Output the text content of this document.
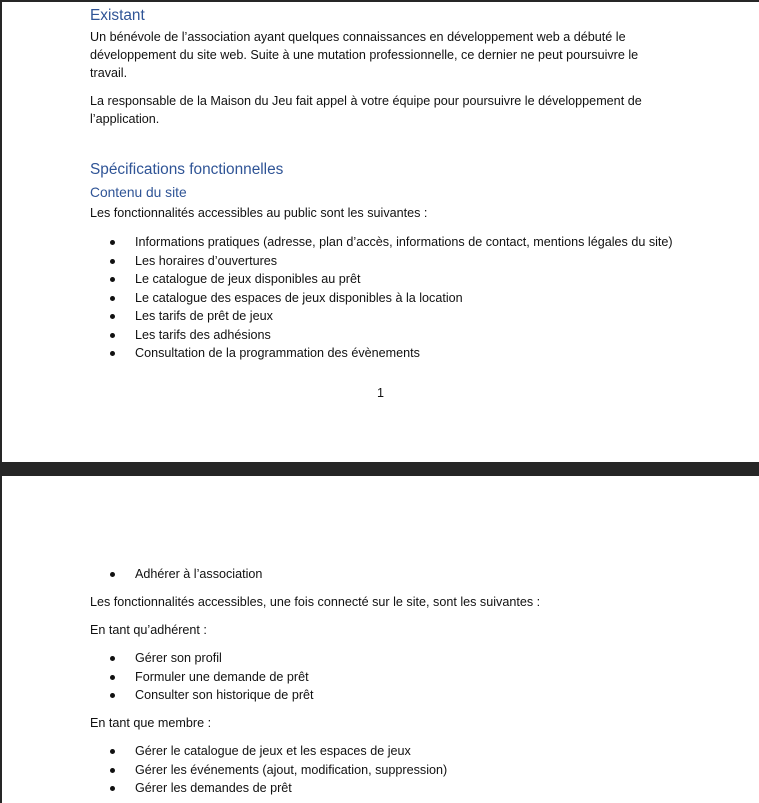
Existant
Un bénévole de l’association ayant quelques connaissances en développement web a débuté le
développement du site web. Suite à une mutation professionnelle, ce dernier ne peut poursuivre le
travail.
La responsable de la Maison du Jeu fait appel à votre équipe pour poursuivre le développement de
l’application.
Spécifications fonctionnelles
Contenu du site
Les fonctionnalités accessibles au public sont les suivantes :
Informations pratiques (adresse, plan d’accès, informations de contact, mentions légales du site)
Les horaires d’ouvertures
Le catalogue de jeux disponibles au prêt
Le catalogue des espaces de jeux disponibles à la location
Les tarifs de prêt de jeux
Les tarifs des adhésions
Consultation de la programmation des évènements
1
Adhérer à l’association
Les fonctionnalités accessibles, une fois connecté sur le site, sont les suivantes :
En tant qu’adhérent :
Gérer son profil
Formuler une demande de prêt
Consulter son historique de prêt
En tant que membre :
Gérer le catalogue de jeux et les espaces de jeux
Gérer les événements (ajout, modification, suppression)
Gérer les demandes de prêt
